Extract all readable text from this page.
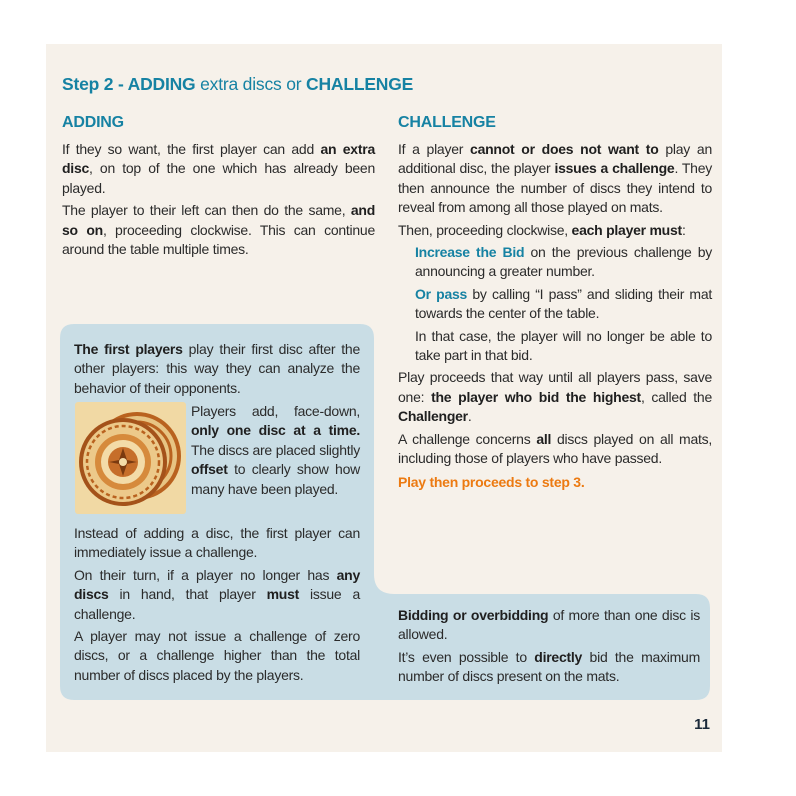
Step 2 - ADDING extra discs or CHALLENGE
ADDING	CHALLENGE

If they so want, the first player can add an extra disc, on top of the one which has already been played.

The player to their left can then do the same, and so on, proceeding clockwise. This can continue around the table multiple times.

If a player cannot or does not want to play an additional disc, the player issues a challenge. They then announce the number of discs they intend to reveal from among all those played on mats.

Then, proceeding clockwise, each player must:

Increase the Bid on the previous challenge by announcing a greater number.

Or pass by calling “I pass” and sliding their mat towards the center of the table.

In that case, the player will no longer be able to take part in that bid.

Play proceeds that way until all players pass, save one: the player who bid the highest, called the Challenger.

A challenge concerns all discs played on all mats, including those of players who have passed.

Play then proceeds to step 3.

The first players play their first disc after the other players: this way they can analyze the behavior of their opponents.

Players add, face-down, only one disc at a time. The discs are placed slightly offset to clearly show how many have been played.

Instead of adding a disc, the first player can immediately issue a challenge.

On their turn, if a player no longer has any discs in hand, that player must issue a challenge.

A player may not issue a challenge of zero discs, or a challenge higher than the total number of discs placed by the players.

Bidding or overbidding of more than one disc is allowed.

It’s even possible to directly bid the maximum number of discs present on the mats.

11
